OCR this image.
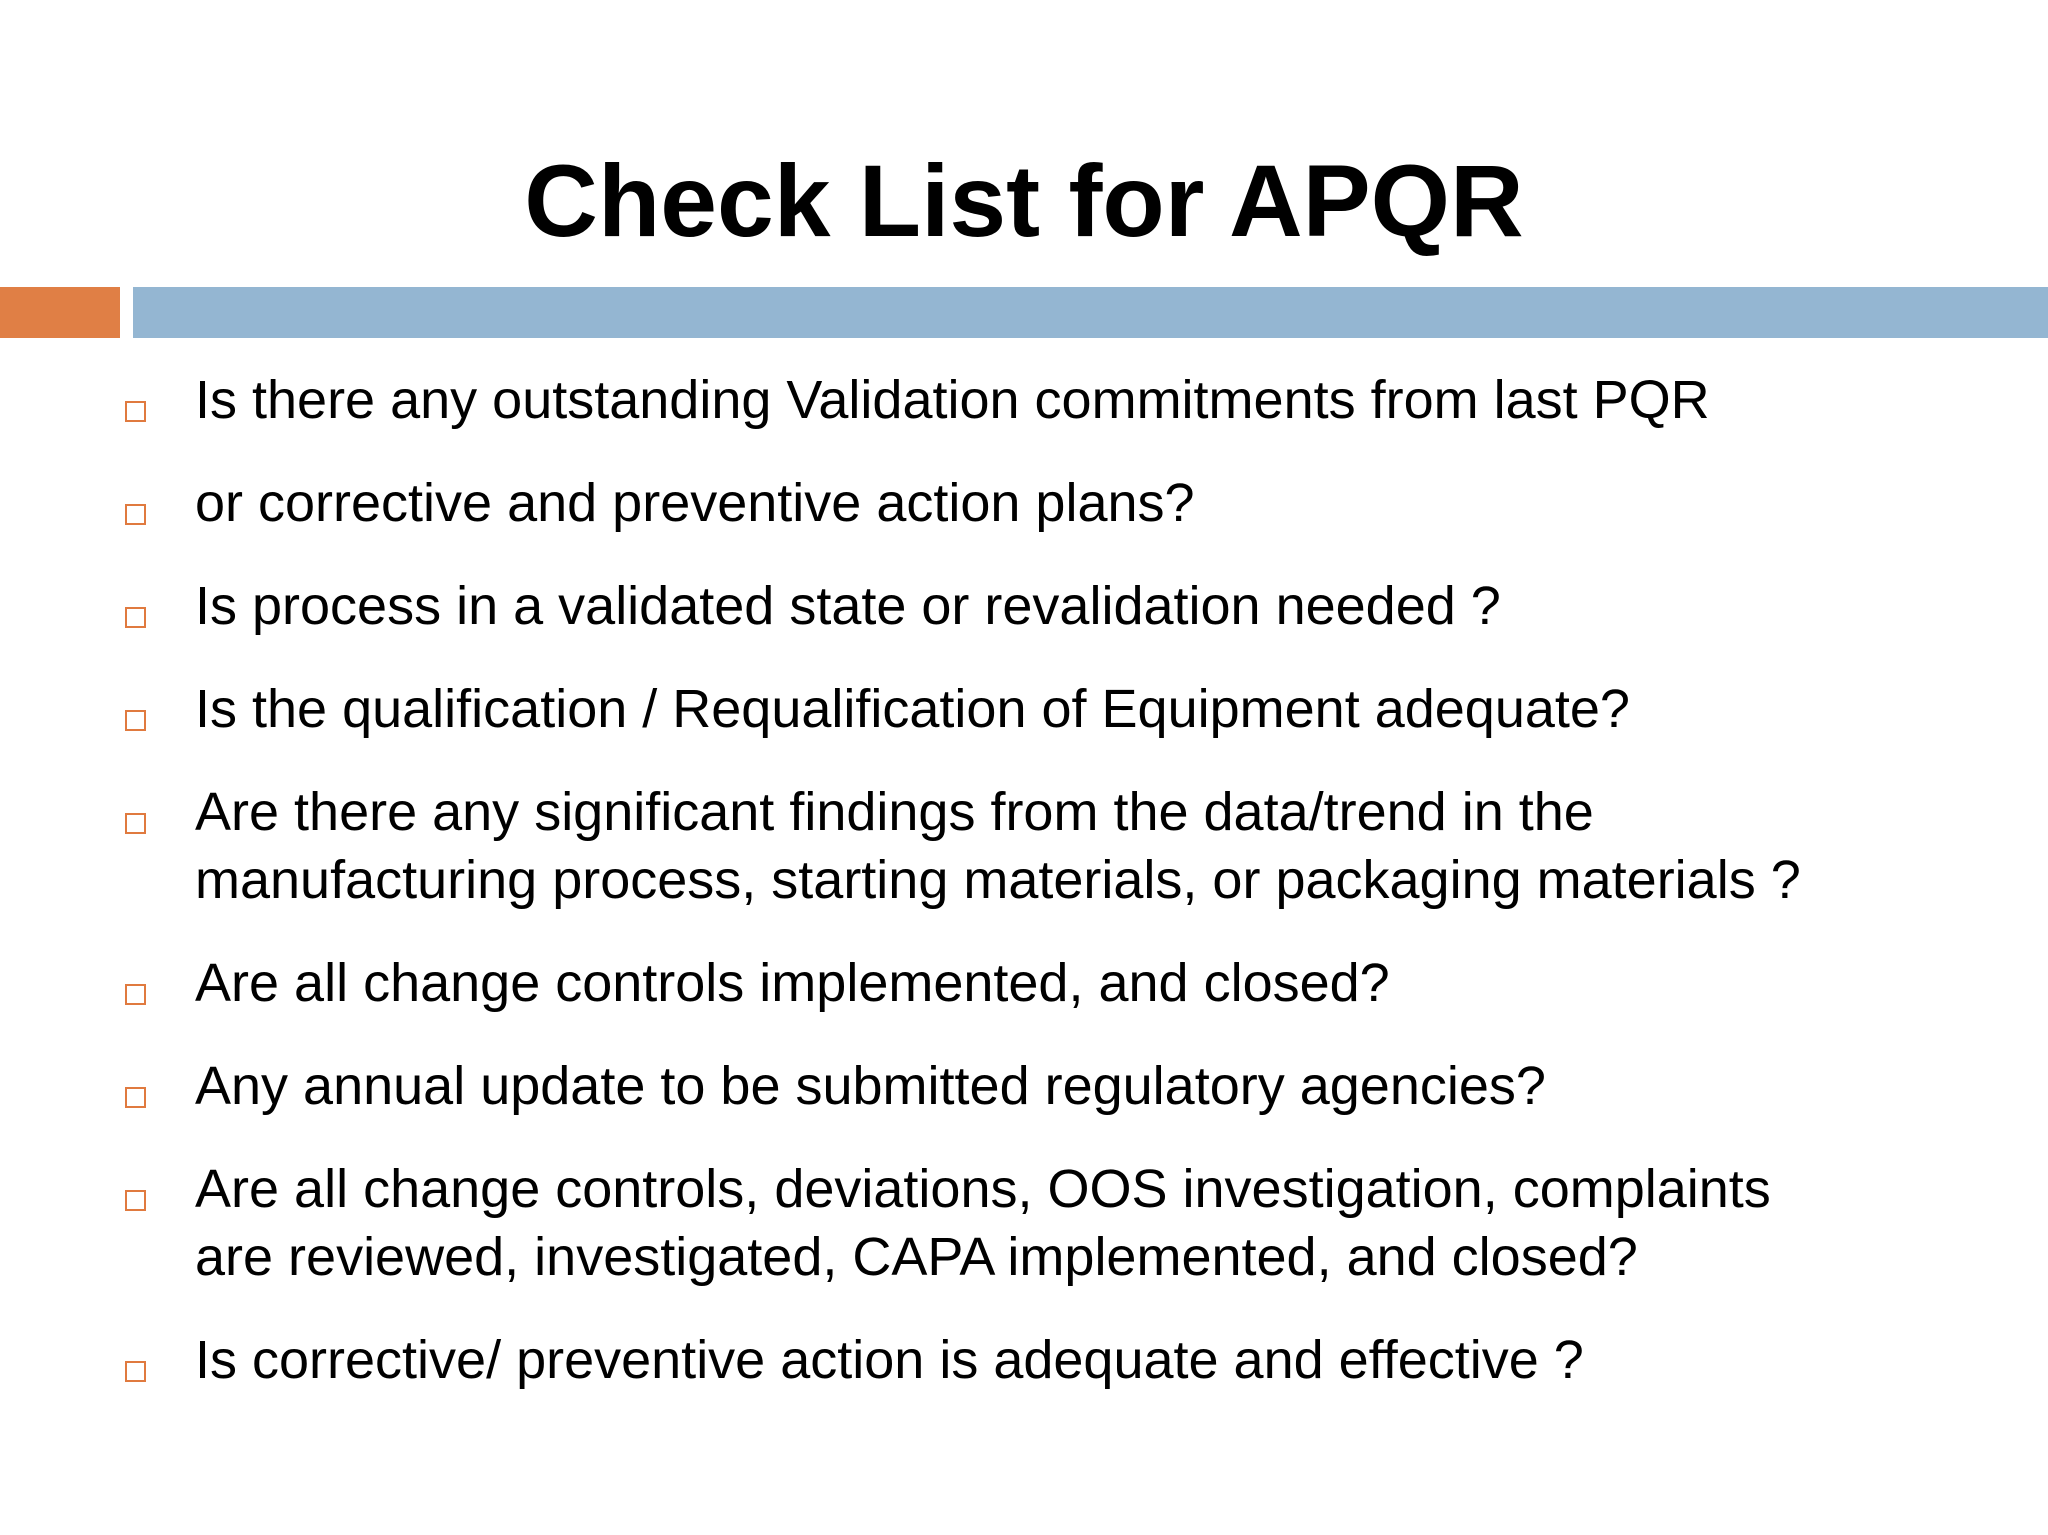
Check List for APQR
Is there any outstanding Validation commitments from last PQR
or corrective and preventive action plans?
Is process in a validated state or revalidation needed ?
Is the qualification / Requalification of Equipment adequate?
Are there any significant findings from the data/trend in the
manufacturing process, starting materials, or packaging materials ?
Are all change controls implemented, and closed?
Any annual update to be submitted regulatory agencies?
Are all change controls, deviations, OOS investigation, complaints
are reviewed, investigated, CAPA implemented, and closed?
Is corrective/ preventive action is adequate and effective ?
